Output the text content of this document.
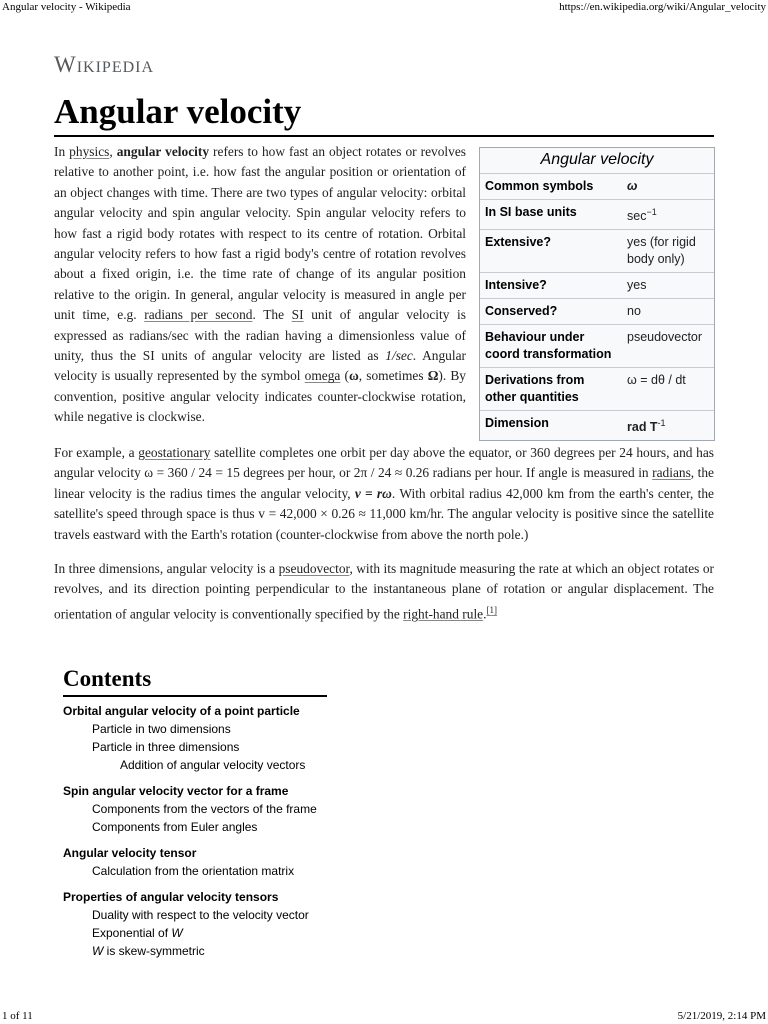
Angular velocity - Wikipedia	https://en.wikipedia.org/wiki/Angular_velocity
Wikipedia
Angular velocity

In physics, angular velocity refers to how fast an object rotates or revolves relative to another point, i.e. how fast the angular position or orientation of an object changes with time. There are two types of angular velocity: orbital angular velocity and spin angular velocity. Spin angular velocity refers to how fast a rigid body rotates with respect to its centre of rotation. Orbital angular velocity refers to how fast a rigid body's centre of rotation revolves about a fixed origin, i.e. the time rate of change of its angular position relative to the origin. In general, angular velocity is measured in angle per unit time, e.g. radians per second. The SI unit of angular velocity is expressed as radians/sec with the radian having a dimensionless value of unity, thus the SI units of angular velocity are listed as 1/sec. Angular velocity is usually represented by the symbol omega (ω, sometimes Ω). By convention, positive angular velocity indicates counter-clockwise rotation, while negative is clockwise.

Angular velocity
Common symbols	ω
In SI base units	$\sec^{-1}$
Extensive?	yes (for rigid body only)
Intensive?	yes
Conserved?	no
Behaviour under coord transformation	pseudovector
Derivations from other quantities	ω = dθ / dt
Dimension	rad $T^{-1}$

For example, a geostationary satellite completes one orbit per day above the equator, or 360 degrees per 24 hours, and has angular velocity ω = 360 / 24 = 15 degrees per hour, or 2π / 24 ≈ 0.26 radians per hour. If angle is measured in radians, the linear velocity is the radius times the angular velocity, v = rω. With orbital radius 42,000 km from the earth's center, the satellite's speed through space is thus v = 42,000 × 0.26 ≈ 11,000 km/hr. The angular velocity is positive since the satellite travels eastward with the Earth's rotation (counter-clockwise from above the north pole.)

In three dimensions, angular velocity is a pseudovector, with its magnitude measuring the rate at which an object rotates or revolves, and its direction pointing perpendicular to the instantaneous plane of rotation or angular displacement. The orientation of angular velocity is conventionally specified by the right-hand rule.[1]

Contents
Orbital angular velocity of a point particle
Particle in two dimensions
Particle in three dimensions
Addition of angular velocity vectors
Spin angular velocity vector for a frame
Components from the vectors of the frame
Components from Euler angles
Angular velocity tensor
Calculation from the orientation matrix
Properties of angular velocity tensors
Duality with respect to the velocity vector
Exponential of W
W is skew-symmetric
1 of 11	5/21/2019, 2:14 PM
